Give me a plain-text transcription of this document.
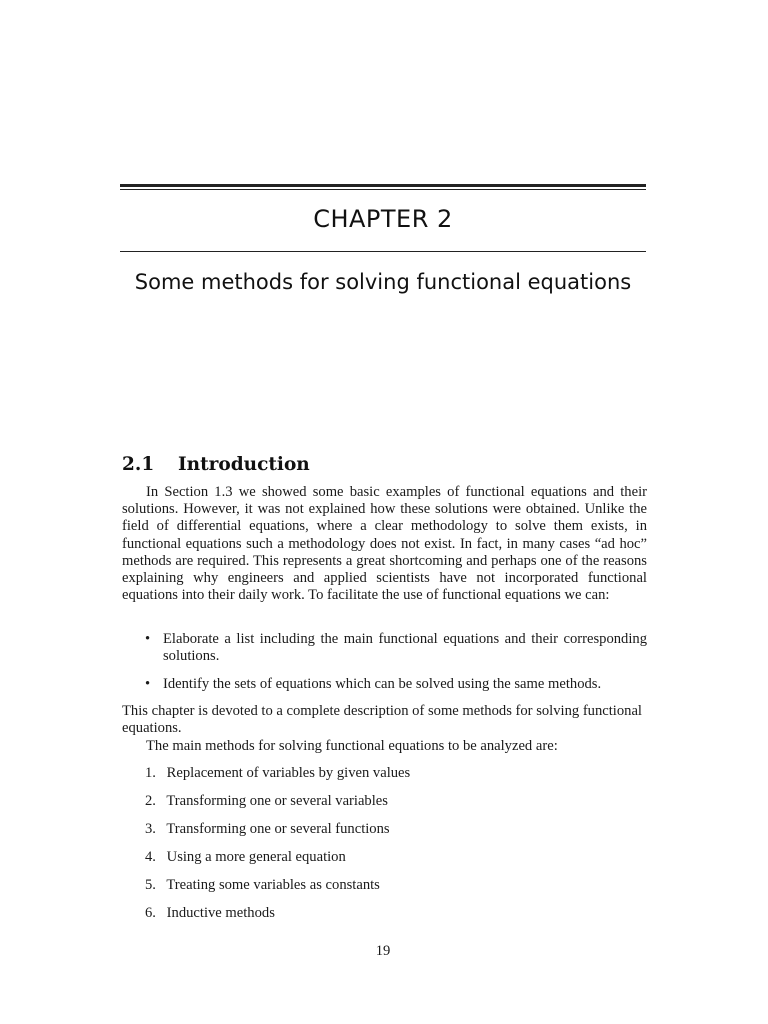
CHAPTER 2
Some methods for solving functional equations
2.1 Introduction
In Section 1.3 we showed some basic examples of functional equations and their solutions. However, it was not explained how these solutions were obtained. Unlike the field of differential equations, where a clear methodology to solve them exists, in functional equations such a methodology does not exist. In fact, in many cases “ad hoc” methods are required. This represents a great shortcoming and perhaps one of the reasons explaining why engineers and applied scientists have not incorporated functional equations into their daily work. To facilitate the use of functional equations we can:
• Elaborate a list including the main functional equations and their corresponding solutions.
• Identify the sets of equations which can be solved using the same methods.
This chapter is devoted to a complete description of some methods for solving functional equations.
The main methods for solving functional equations to be analyzed are:
1. Replacement of variables by given values
2. Transforming one or several variables
3. Transforming one or several functions
4. Using a more general equation
5. Treating some variables as constants
6. Inductive methods
19
